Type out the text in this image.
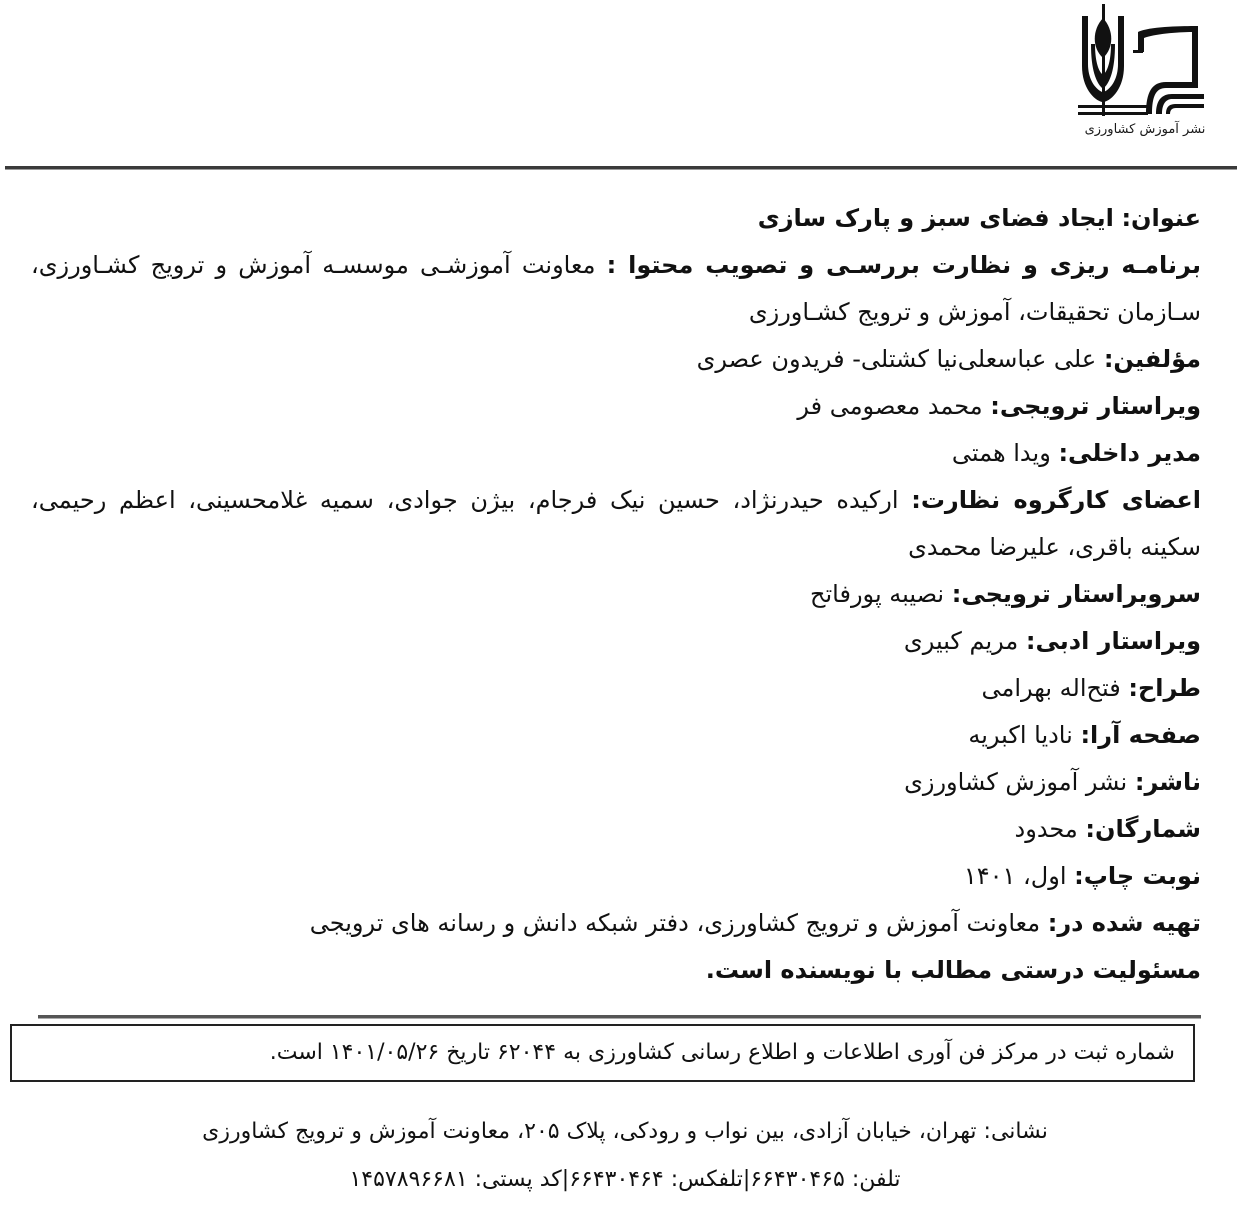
نشر آموزش کشاورزی
عنوان: ایجاد فضای سبز و پارک سازی
برنامـه ریزی و نظارت بررسـی و تصویب محتوا : معاونت آموزشـی موسسـه آموزش و ترویج کشـاورزی،
سـازمان تحقیقات، آموزش و ترویج کشـاورزی
مؤلفین: علی عباسعلی‌نیا کشتلی- فریدون عصری
ویراستار ترویجی: محمد معصومی فر
مدیر داخلی: ویدا همتی
اعضای کارگروه نظارت: ارکیده حیدرنژاد، حسین نیک فرجام، بیژن جوادی، سمیه غلامحسینی، اعظم رحیمی،
سکینه باقری، علیرضا محمدی
سرویراستار ترویجی: نصیبه پورفاتح
ویراستار ادبی: مریم کبیری
طراح: فتح‌اله بهرامی
صفحه آرا: نادیا اکبریه
ناشر: نشر آموزش کشاورزی
شمارگان: محدود
نوبت چاپ: اول، ۱۴۰۱
تهیه شده در: معاونت آموزش و ترویج کشاورزی، دفتر شبکه دانش و رسانه های ترویجی
مسئولیت درستی مطالب با نویسنده است.
شماره ثبت در مرکز فن آوری اطلاعات و اطلاع رسانی کشاورزی به ۶۲۰۴۴ تاریخ ۱۴۰۱/۰۵/۲۶ است.
نشانی: تهران، خیابان آزادی، بین نواب و رودکی، پلاک ۲۰۵، معاونت آموزش و ترویج کشاورزی
تلفن: ۶۶۴۳۰۴۶۵|تلفکس: ۶۶۴۳۰۴۶۴|کد پستی: ۱۴۵۷۸۹۶۶۸۱
